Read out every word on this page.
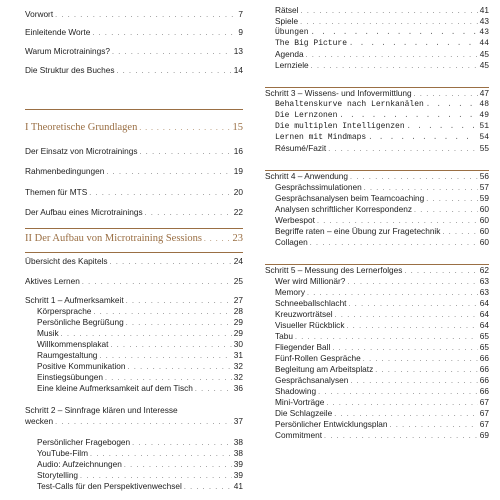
Vorwort . . .	7
Einleitende Worte . . .	9
Warum Microtrainings? . . .	13
Die Struktur des Buches . . .	14
I Theoretische Grundlagen . . .	15
Der Einsatz von Microtrainings . . .	16
Rahmenbedingungen . . .	19
Themen für MTS . . .	20
Der Aufbau eines Microtrainings . . .	22
II Der Aufbau von Microtraining Sessions . . .	23
Übersicht des Kapitels . . .	24
Aktives Lernen . . .	25
Schritt 1 – Aufmerksamkeit . . .	27
Körpersprache . . .	28
Persönliche Begrüßung . . .	29
Musik . . .	29
Willkommensplakat . . .	30
Raumgestaltung . . .	31
Positive Kommunikation . . .	32
Einstiegsübungen . . .	32
Eine kleine Aufmerksamkeit auf dem Tisch . . .	36
Schritt 2 – Sinnfrage klären und Interesse
wecken . . .	37
Persönlicher Fragebogen . . .	38
YouTube-Film . . .	38
Audio: Aufzeichnungen . . .	39
Storytelling . . .	39
Test-Calls für den Perspektivenwechsel . . .	41
Rätsel . . .	41
Spiele . . .	43
Übungen . . .	43
The Big Picture . . .	44
Agenda . . .	45
Lernziele . . .	45
Schritt 3 – Wissens- und Infovermittlung . . .	47
Behaltenskurve nach Lernkanälen . . .	48
Die Lernzonen . . .	49
Die multiplen Intelligenzen . . .	51
Lernen mit Mindmaps . . .	54
Résumé/Fazit . . .	55
Schritt 4 – Anwendung . . .	56
Gesprächssimulationen . . .	57
Gesprächsanalysen beim Teamcoaching . . .	59
Analysen schriftlicher Korrespondenz . . .	60
Werbespot . . .	60
Begriffe raten – eine Übung zur Fragetechnik . . .	60
Collagen . . .	60
Schritt 5 – Messung des Lernerfolges . . .	62
Wer wird Millionär? . . .	63
Memory . . .	63
Schneeballschlacht . . .	64
Kreuzworträtsel . . .	64
Visueller Rückblick . . .	64
Tabu . . .	65
Fliegender Ball . . .	65
Fünf-Rollen Gespräche . . .	66
Begleitung am Arbeitsplatz . . .	66
Gesprächsanalysen . . .	66
Shadowing . . .	66
Mini-Vorträge . . .	67
Die Schlagzeile . . .	67
Persönlicher Entwicklungsplan . . .	67
Commitment . . .	69
